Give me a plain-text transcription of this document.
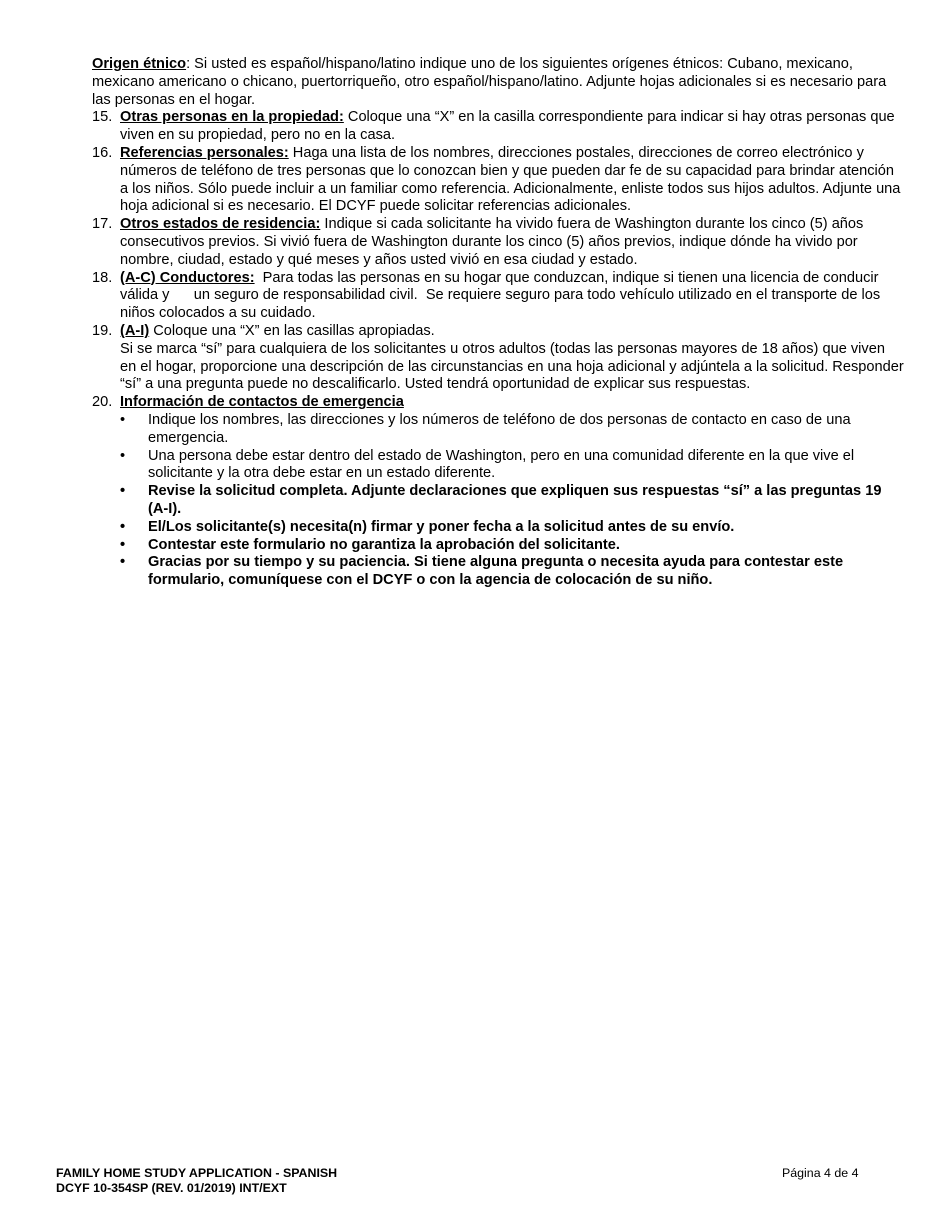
Origen étnico: Si usted es español/hispano/latino indique uno de los siguientes orígenes étnicos: Cubano, mexicano, mexicano americano o chicano, puertorriqueño, otro español/hispano/latino. Adjunte hojas adicionales si es necesario para las personas en el hogar.

15. Otras personas en la propiedad: Coloque una “X” en la casilla correspondiente para indicar si hay otras personas que viven en su propiedad, pero no en la casa.
16. Referencias personales: Haga una lista de los nombres, direcciones postales, direcciones de correo electrónico y números de teléfono de tres personas que lo conozcan bien y que pueden dar fe de su capacidad para brindar atención a los niños. Sólo puede incluir a un familiar como referencia. Adicionalmente, enliste todos sus hijos adultos. Adjunte una hoja adicional si es necesario. El DCYF puede solicitar referencias adicionales.
17. Otros estados de residencia: Indique si cada solicitante ha vivido fuera de Washington durante los cinco (5) años consecutivos previos. Si vivió fuera de Washington durante los cinco (5) años previos, indique dónde ha vivido por nombre, ciudad, estado y qué meses y años usted vivió en esa ciudad y estado.
18. (A-C) Conductores:  Para todas las personas en su hogar que conduzcan, indique si tienen una licencia de conducir válida y      un seguro de responsabilidad civil.  Se requiere seguro para todo vehículo utilizado en el transporte de los niños colocados a su cuidado.
19. (A-I) Coloque una “X” en las casillas apropiadas.

Si se marca “sí” para cualquiera de los solicitantes u otros adultos (todas las personas mayores de 18 años) que viven en el hogar, proporcione una descripción de las circunstancias en una hoja adicional y adjúntela a la solicitud. Responder “sí” a una pregunta puede no descalificarlo. Usted tendrá oportunidad de explicar sus respuestas.

20. Información de contactos de emergencia
• Indique los nombres, las direcciones y los números de teléfono de dos personas de contacto en caso de una emergencia.
• Una persona debe estar dentro del estado de Washington, pero en una comunidad diferente en la que vive el solicitante y la otra debe estar en un estado diferente.
• Revise la solicitud completa. Adjunte declaraciones que expliquen sus respuestas “sí” a las preguntas 19 (A-I).
• El/Los solicitante(s) necesita(n) firmar y poner fecha a la solicitud antes de su envío.
• Contestar este formulario no garantiza la aprobación del solicitante.
• Gracias por su tiempo y su paciencia. Si tiene alguna pregunta o necesita ayuda para contestar este formulario, comuníquese con el DCYF o con la agencia de colocación de su niño.
FAMILY HOME STUDY APPLICATION - SPANISH
DCYF 10-354SP (REV. 01/2019) INT/EXT
Página 4 de 4
